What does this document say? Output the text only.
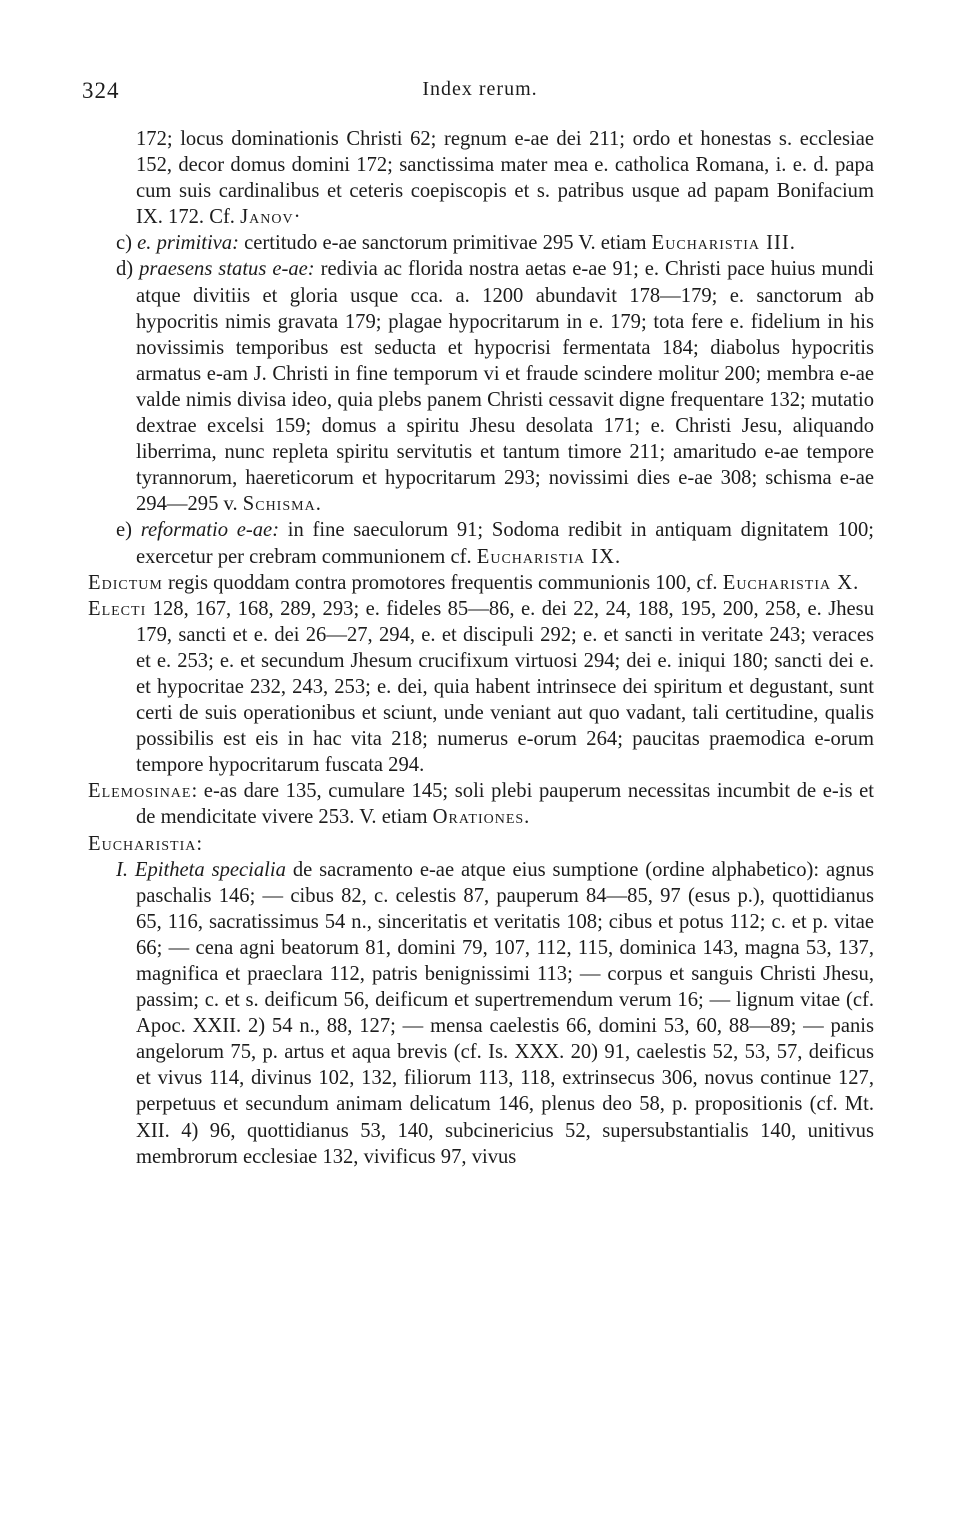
324	Index rerum.

172; locus dominationis Christi 62; regnum e-ae dei 211; ordo et honestas s. ecclesiae 152, decor domus domini 172; sanctissima mater mea e. catholica Romana, i. e. d. papa cum suis cardinalibus et ceteris coepiscopis et s. patribus usque ad papam Bonifacium IX. 172. Cf. Janov·

c) e. primitiva: certitudo e-ae sanctorum primitivae 295 V. etiam Eucharistia III.

d) praesens status e-ae: redivia ac florida nostra aetas e-ae 91; e. Christi pace huius mundi atque divitiis et gloria usque cca. a. 1200 abundavit 178—179; e. sanctorum ab hypocritis nimis gravata 179; plagae hypocritarum in e. 179; tota fere e. fidelium in his novissimis temporibus est seducta et hypocrisi fermentata 184; diabolus hypocritis armatus e-am J. Christi in fine temporum vi et fraude scindere molitur 200; membra e-ae valde nimis divisa ideo, quia plebs panem Christi cessavit digne frequentare 132; mutatio dextrae excelsi 159; domus a spiritu Jhesu desolata 171; e. Christi Jesu, aliquando liberrima, nunc repleta spiritu servitutis et tantum timore 211; amaritudo e-ae tempore tyrannorum, haereticorum et hypocritarum 293; novissimi dies e-ae 308; schisma e-ae 294—295 v. Schisma.

e) reformatio e-ae: in fine saeculorum 91; Sodoma redibit in antiquam dignitatem 100; exercetur per crebram communionem cf. Eucharistia IX.

Edictum regis quoddam contra promotores frequentis communionis 100, cf. Eucharistia X.

Electi 128, 167, 168, 289, 293; e. fideles 85—86, e. dei 22, 24, 188, 195, 200, 258, e. Jhesu 179, sancti et e. dei 26—27, 294, e. et discipuli 292; e. et sancti in veritate 243; veraces et e. 253; e. et secundum Jhesum crucifixum virtuosi 294; dei e. iniqui 180; sancti dei e. et hypocritae 232, 243, 253; e. dei, quia habent intrinsece dei spiritum et degustant, sunt certi de suis operationibus et sciunt, unde veniant aut quo vadant, tali certitudine, qualis possibilis est eis in hac vita 218; numerus e-orum 264; paucitas praemodica e-orum tempore hypocritarum fuscata 294.

Elemosinae: e-as dare 135, cumulare 145; soli plebi pauperum necessitas incumbit de e-is et de mendicitate vivere 253. V. etiam Orationes.

Eucharistia:

I. Epitheta specialia de sacramento e-ae atque eius sumptione (ordine alphabetico): agnus paschalis 146; — cibus 82, c. celestis 87, pauperum 84—85, 97 (esus p.), quottidianus 65, 116, sacratissimus 54 n., sinceritatis et veritatis 108; cibus et potus 112; c. et p. vitae 66; — cena agni beatorum 81, domini 79, 107, 112, 115, dominica 143, magna 53, 137, magnifica et praeclara 112, patris benignissimi 113; — corpus et sanguis Christi Jhesu, passim; c. et s. deificum 56, deificum et supertremendum verum 16; — lignum vitae (cf. Apoc. XXII. 2) 54 n., 88, 127; — mensa caelestis 66, domini 53, 60, 88—89; — panis angelorum 75, p. artus et aqua brevis (cf. Is. XXX. 20) 91, caelestis 52, 53, 57, deificus et vivus 114, divinus 102, 132, filiorum 113, 118, extrinsecus 306, novus continue 127, perpetuus et secundum animam delicatum 146, plenus deo 58, p. propositionis (cf. Mt. XII. 4) 96, quottidianus 53, 140, subcinericius 52, supersubstantialis 140, unitivus membrorum ecclesiae 132, vivificus 97, vivus
